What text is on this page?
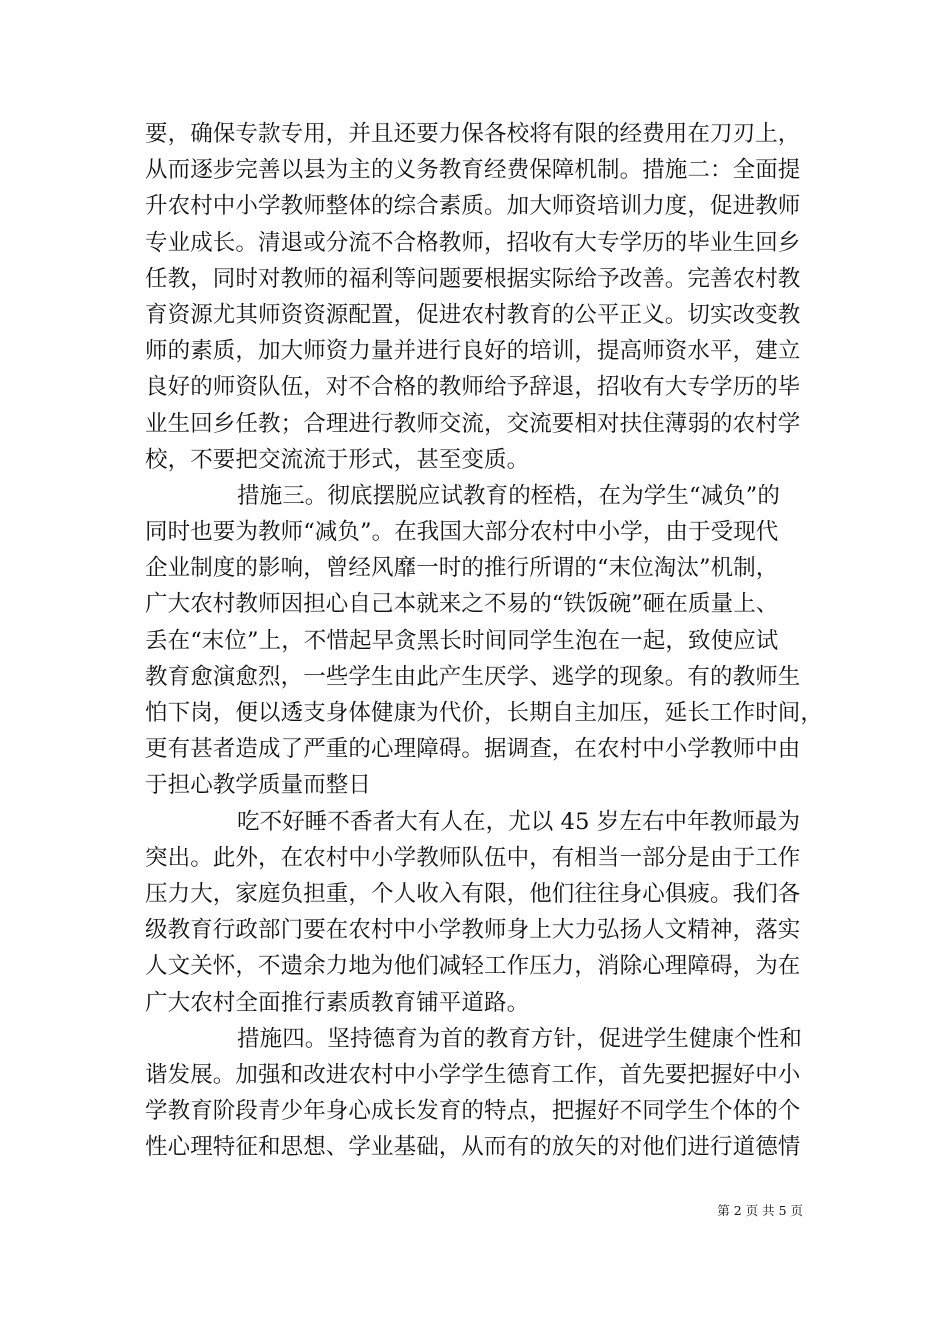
要，确保专款专用，并且还要力保各校将有限的经费用在刀刃上，
从而逐步完善以县为主的义务教育经费保障机制。措施二：全面提
升农村中小学教师整体的综合素质。加大师资培训力度，促进教师
专业成长。清退或分流不合格教师，招收有大专学历的毕业生回乡
任教，同时对教师的福利等问题要根据实际给予改善。完善农村教
育资源尤其师资资源配置，促进农村教育的公平正义。切实改变教
师的素质，加大师资力量并进行良好的培训，提高师资水平，建立
良好的师资队伍，对不合格的教师给予辞退，招收有大专学历的毕
业生回乡任教；合理进行教师交流，交流要相对扶住薄弱的农村学
校，不要把交流流于形式，甚至变质。
措施三。彻底摆脱应试教育的桎梏，在为学生“减负”的
同时也要为教师“减负”。在我国大部分农村中小学，由于受现代
企业制度的影响，曾经风靡一时的推行所谓的“末位淘汰”机制，
广大农村教师因担心自己本就来之不易的“铁饭碗”砸在质量上、
丢在“末位”上，不惜起早贪黑长时间同学生泡在一起，致使应试
教育愈演愈烈，一些学生由此产生厌学、逃学的现象。有的教师生
怕下岗，便以透支身体健康为代价，长期自主加压，延长工作时间，
更有甚者造成了严重的心理障碍。据调查，在农村中小学教师中由
于担心教学质量而整日
吃不好睡不香者大有人在，尤以 45 岁左右中年教师最为
突出。此外，在农村中小学教师队伍中，有相当一部分是由于工作
压力大，家庭负担重，个人收入有限，他们往往身心俱疲。我们各
级教育行政部门要在农村中小学教师身上大力弘扬人文精神，落实
人文关怀，不遗余力地为他们减轻工作压力，消除心理障碍，为在
广大农村全面推行素质教育铺平道路。
措施四。坚持德育为首的教育方针，促进学生健康个性和
谐发展。加强和改进农村中小学学生德育工作，首先要把握好中小
学教育阶段青少年身心成长发育的特点，把握好不同学生个体的个
性心理特征和思想、学业基础，从而有的放矢的对他们进行道德情
第 2 页 共 5 页
